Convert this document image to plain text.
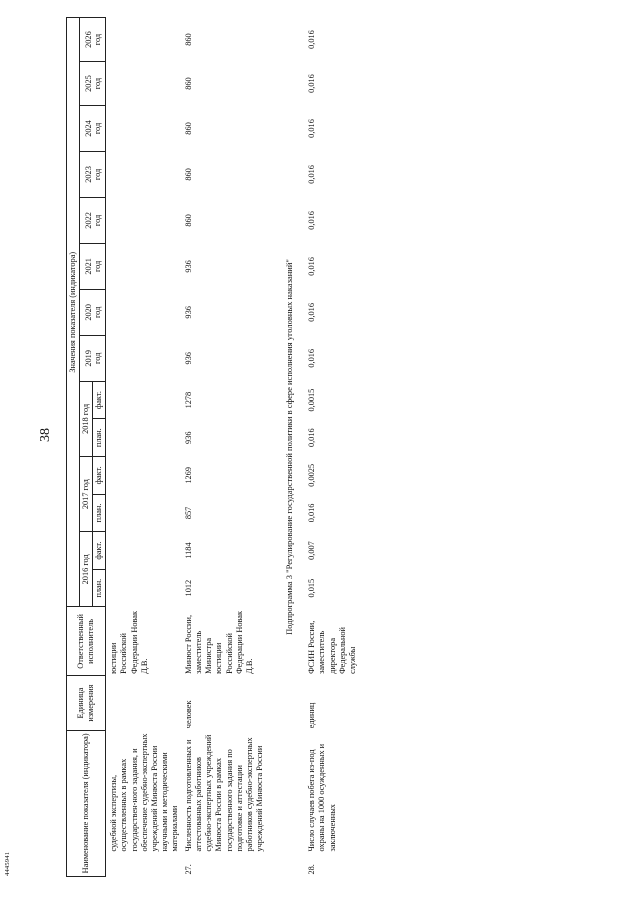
38
4445941	Наименование показателя (индикатора)		Единица измерения	Ответственный исполнитель	Значения показателя (индикатора)													
				2016 год		2017 год		2018 год		2019 год	2020 год	2021 год	2022 год	2023 год	2024 год	2025 год	2026 год

				план.	факт.	план.	факт.	план.	факт.								
	судебной экспертизы, осуществленных в рамках государствен-ного задания, и обеспечение судебно-экспертных учреждений Минюста России научными и методическими материалами		юстиции Российской Федерации Новак Д.В.														
27.	Численность подготовленных и аттестованных работников судебно-экспертных учреждений Минюста России в рамках государственного задания по подготовке и аттестации работников судебно-экспертных учреждений Минюста России	человек	Минюст России, заместитель Министра юстиции Российской Федерации Новак Д.В.	1012	1184	857	1269	936	1278	936	936	936	860	860	860	860	860
Подпрограмма 3 "Регулирование государственной политики в сфере исполнения уголовных наказаний"																	
28.	Число случаев побега из-под охраны на 1000 осужденных и заключенных	единиц	ФСИН России, заместитель директора Федеральной службы	0,015	0,007	0,016	0,0025	0,016	0,0015	0,016	0,016	0,016	0,016	0,016	0,016	0,016	0,016
